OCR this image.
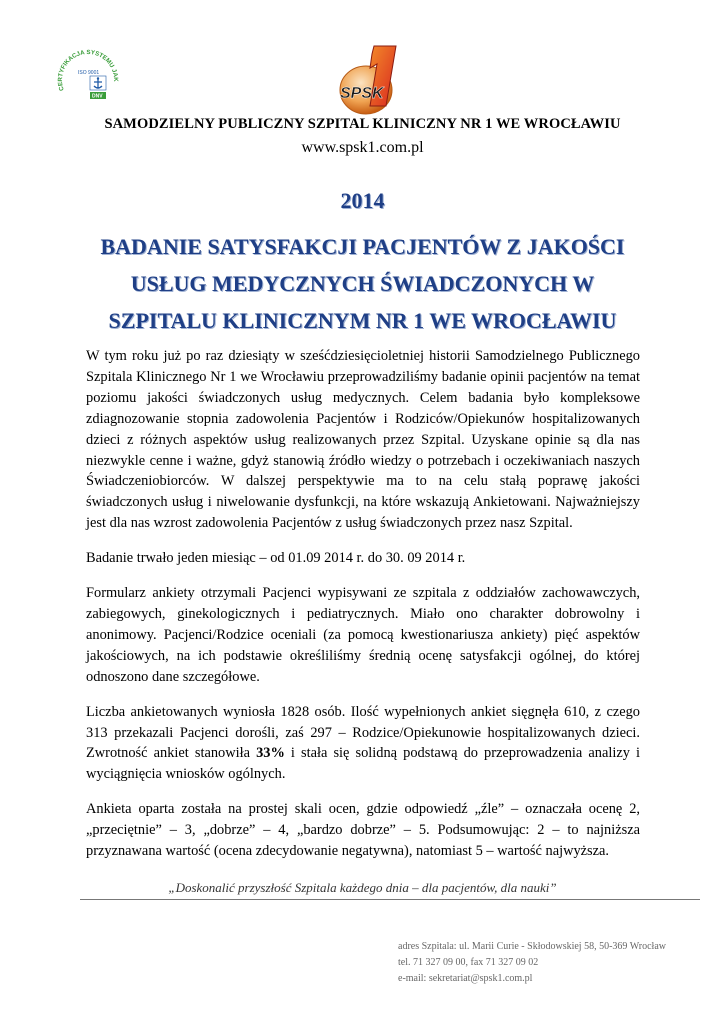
CERTYFIKACJA SYSTEMU JAK
ISO 9001
DNV	SPSK
SAMODZIELNY PUBLICZNY SZPITAL KLINICZNY NR 1 WE WROCŁAWIU
www.spsk1.com.pl
2014
BADANIE SATYSFAKCJI PACJENTÓW Z JAKOŚCI
USŁUG MEDYCZNYCH ŚWIADCZONYCH W
SZPITALU KLINICZNYM NR 1 WE WROCŁAWIU

W tym roku już po raz dziesiąty w sześćdziesięcioletniej historii Samodzielnego Publicznego Szpitala Klinicznego Nr 1 we Wrocławiu przeprowadziliśmy badanie opinii pacjentów na temat poziomu jakości świadczonych usług medycznych. Celem badania było kompleksowe zdiagnozowanie stopnia zadowolenia Pacjentów i Rodziców/Opiekunów hospitalizowanych dzieci z różnych aspektów usług realizowanych przez Szpital. Uzyskane opinie są dla nas niezwykle cenne i ważne, gdyż stanowią źródło wiedzy o potrzebach i oczekiwaniach naszych Świadczeniobiorców. W dalszej perspektywie ma to na celu stałą poprawę jakości świadczonych usług i niwelowanie dysfunkcji, na które wskazują Ankietowani. Najważniejszy jest dla nas wzrost zadowolenia Pacjentów z usług świadczonych przez nasz Szpital.

Badanie trwało jeden miesiąc – od 01.09 2014 r. do 30. 09 2014 r.

Formularz ankiety otrzymali Pacjenci wypisywani ze szpitala z oddziałów zachowawczych, zabiegowych, ginekologicznych i pediatrycznych. Miało ono charakter dobrowolny i anonimowy. Pacjenci/Rodzice oceniali (za pomocą kwestionariusza ankiety) pięć aspektów jakościowych, na ich podstawie określiliśmy średnią ocenę satysfakcji ogólnej, do której odnoszono dane szczegółowe.

Liczba ankietowanych wyniosła 1828 osób. Ilość wypełnionych ankiet sięgnęła 610, z czego 313 przekazali Pacjenci dorośli, zaś 297 – Rodzice/Opiekunowie hospitalizowanych dzieci. Zwrotność ankiet stanowiła 33% i stała się solidną podstawą do przeprowadzenia analizy i wyciągnięcia wniosków ogólnych.

Ankieta oparta została na prostej skali ocen, gdzie odpowiedź „źle” – oznaczała ocenę 2, „przeciętnie” – 3, „dobrze” – 4, „bardzo dobrze” – 5. Podsumowując: 2 – to najniższa przyznawana wartość (ocena zdecydowanie negatywna), natomiast 5 – wartość najwyższa.

„Doskonalić przyszłość Szpitala każdego dnia – dla pacjentów, dla nauki”
adres Szpitala: ul. Marii Curie - Skłodowskiej 58, 50-369 Wrocław
tel. 71 327 09 00, fax 71 327 09 02
e-mail: sekretariat@spsk1.com.pl
